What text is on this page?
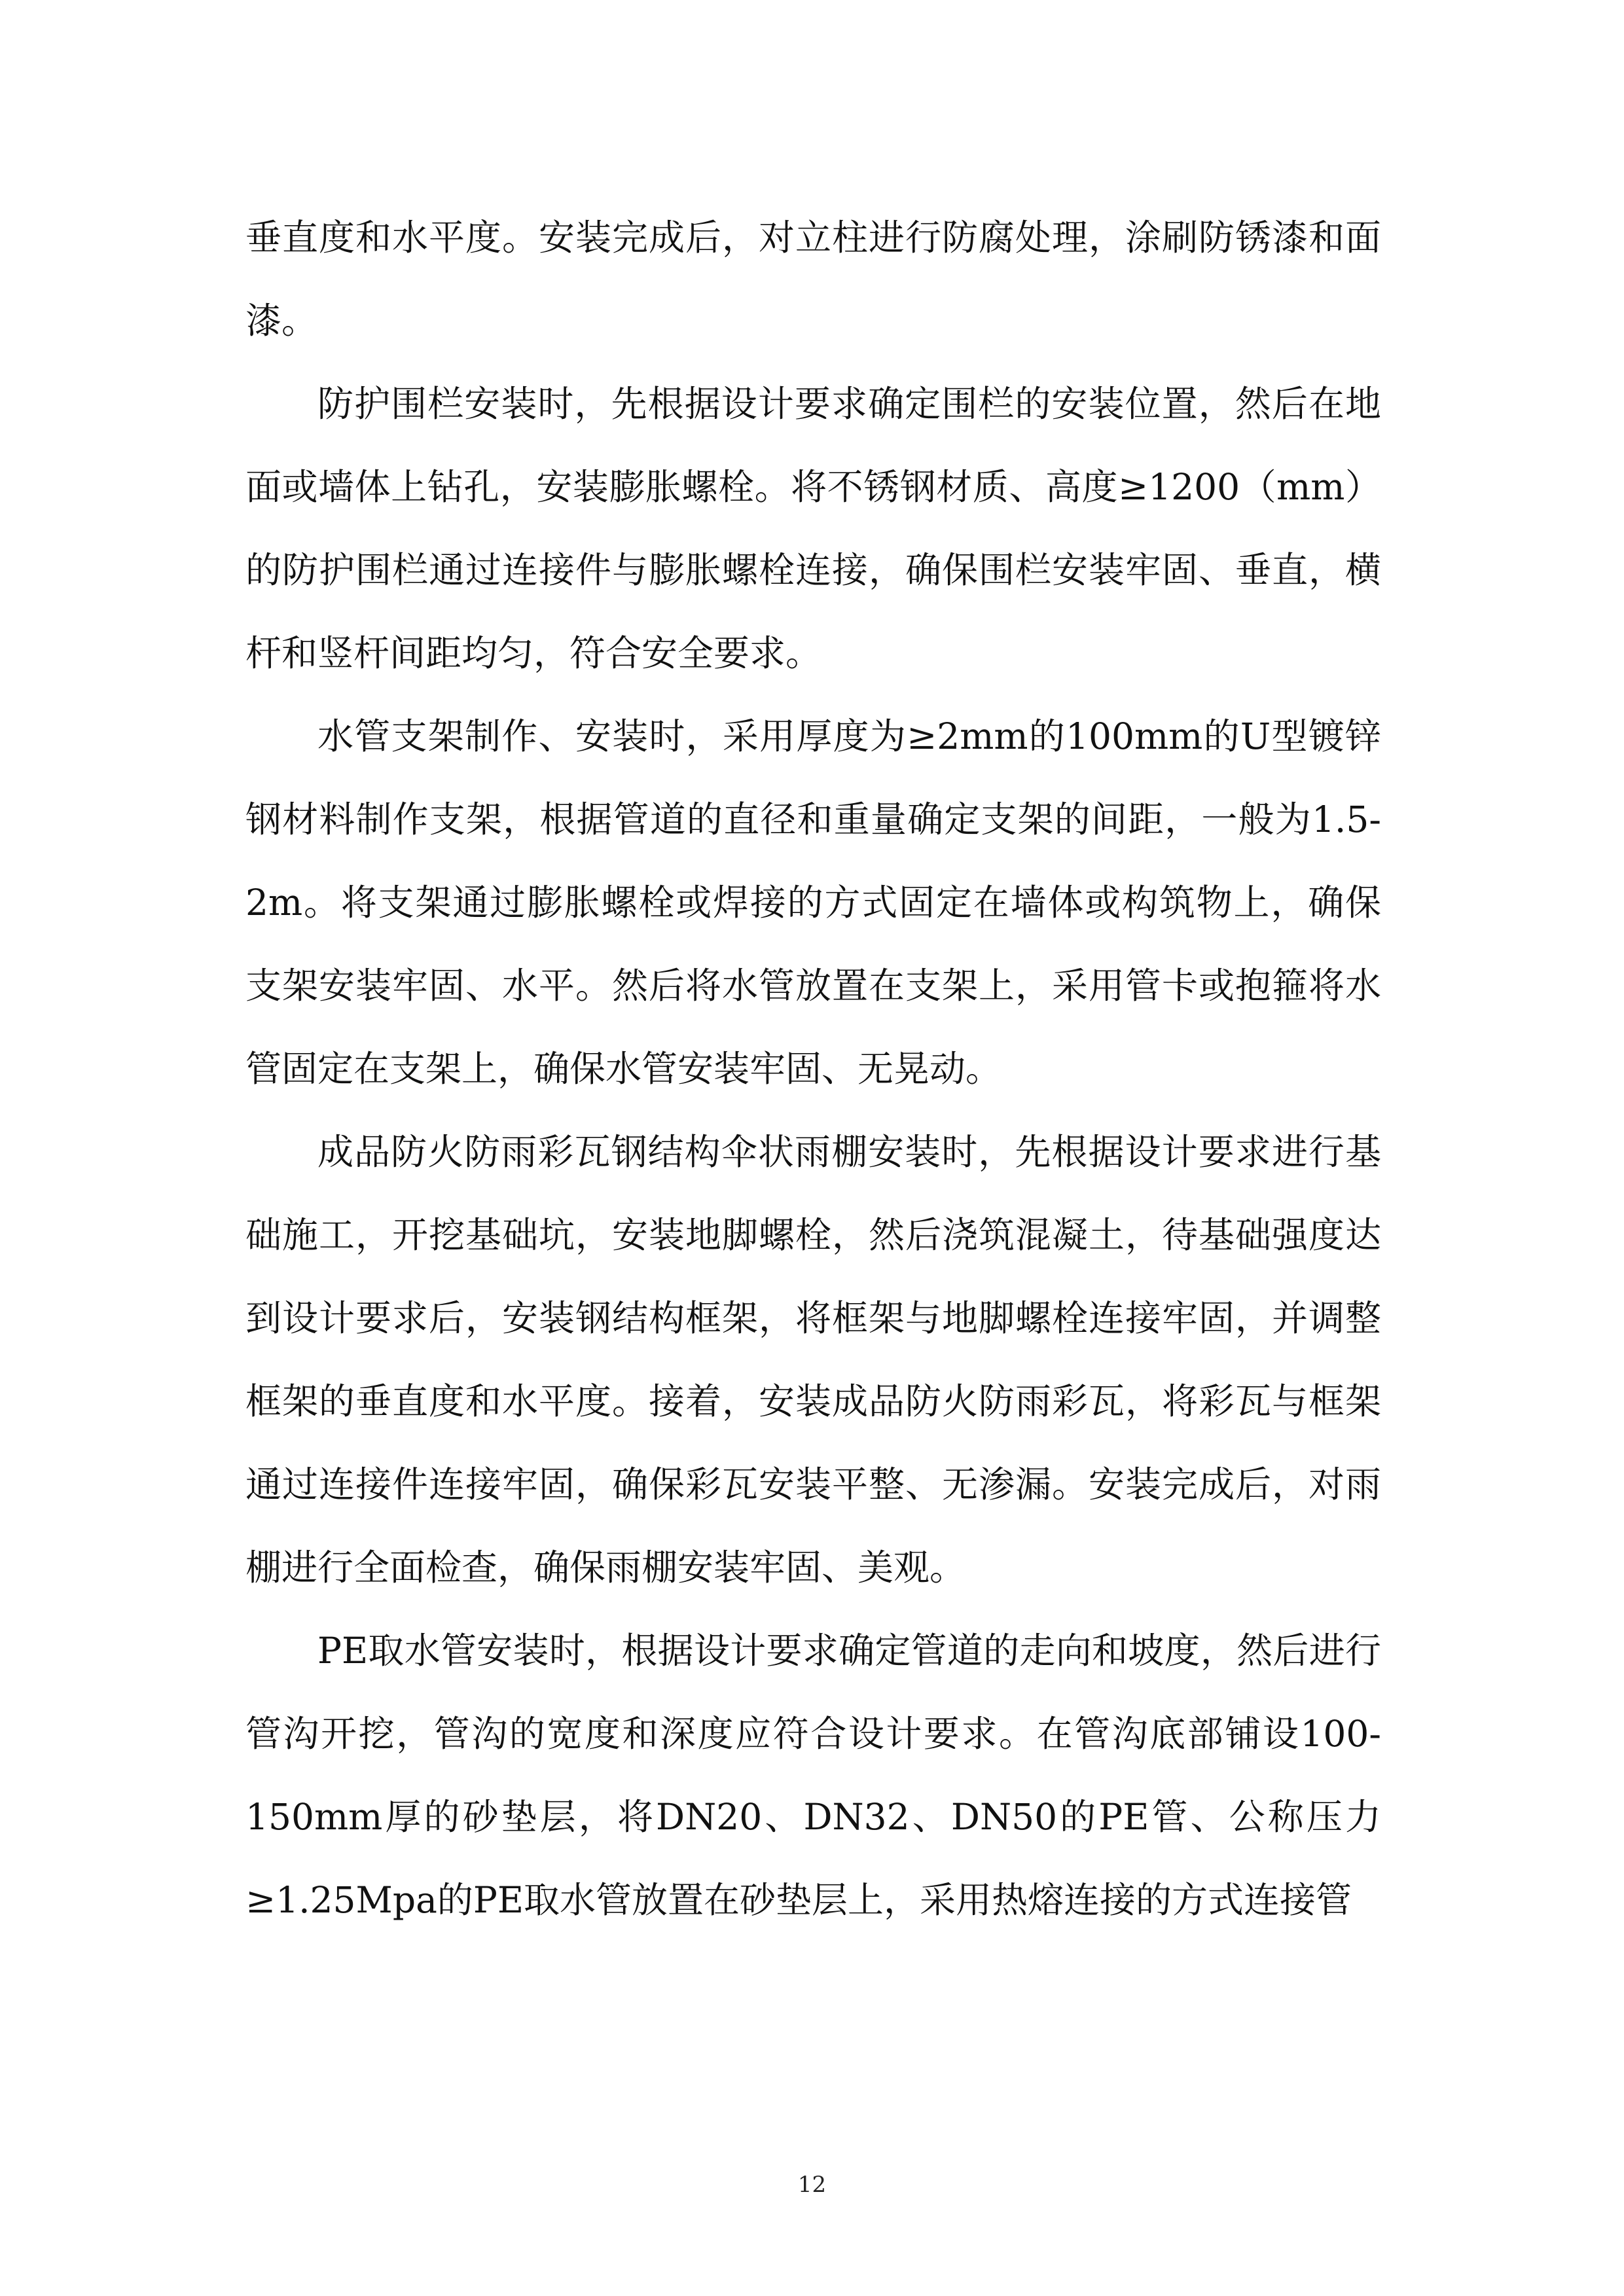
垂直度和水平度。安装完成后，对立柱进行防腐处理，涂刷防锈漆和面漆。

防护围栏安装时，先根据设计要求确定围栏的安装位置，然后在地面或墙体上钻孔，安装膨胀螺栓。将不锈钢材质、高度≥1200（mm）的防护围栏通过连接件与膨胀螺栓连接，确保围栏安装牢固、垂直，横杆和竖杆间距均匀，符合安全要求。

水管支架制作、安装时，采用厚度为≥2mm的100mm的U型镀锌钢材料制作支架，根据管道的直径和重量确定支架的间距，一般为1.5-2m。将支架通过膨胀螺栓或焊接的方式固定在墙体或构筑物上，确保支架安装牢固、水平。然后将水管放置在支架上，采用管卡或抱箍将水管固定在支架上，确保水管安装牢固、无晃动。

成品防火防雨彩瓦钢结构伞状雨棚安装时，先根据设计要求进行基础施工，开挖基础坑，安装地脚螺栓，然后浇筑混凝土，待基础强度达到设计要求后，安装钢结构框架，将框架与地脚螺栓连接牢固，并调整框架的垂直度和水平度。接着，安装成品防火防雨彩瓦，将彩瓦与框架通过连接件连接牢固，确保彩瓦安装平整、无渗漏。安装完成后，对雨棚进行全面检查，确保雨棚安装牢固、美观。

PE取水管安装时，根据设计要求确定管道的走向和坡度，然后进行管沟开挖，管沟的宽度和深度应符合设计要求。在管沟底部铺设100-150mm厚的砂垫层，将DN20、DN32、DN50的PE管、公称压力≥1.25Mpa的PE取水管放置在砂垫层上，采用热熔连接的方式连接管

12
